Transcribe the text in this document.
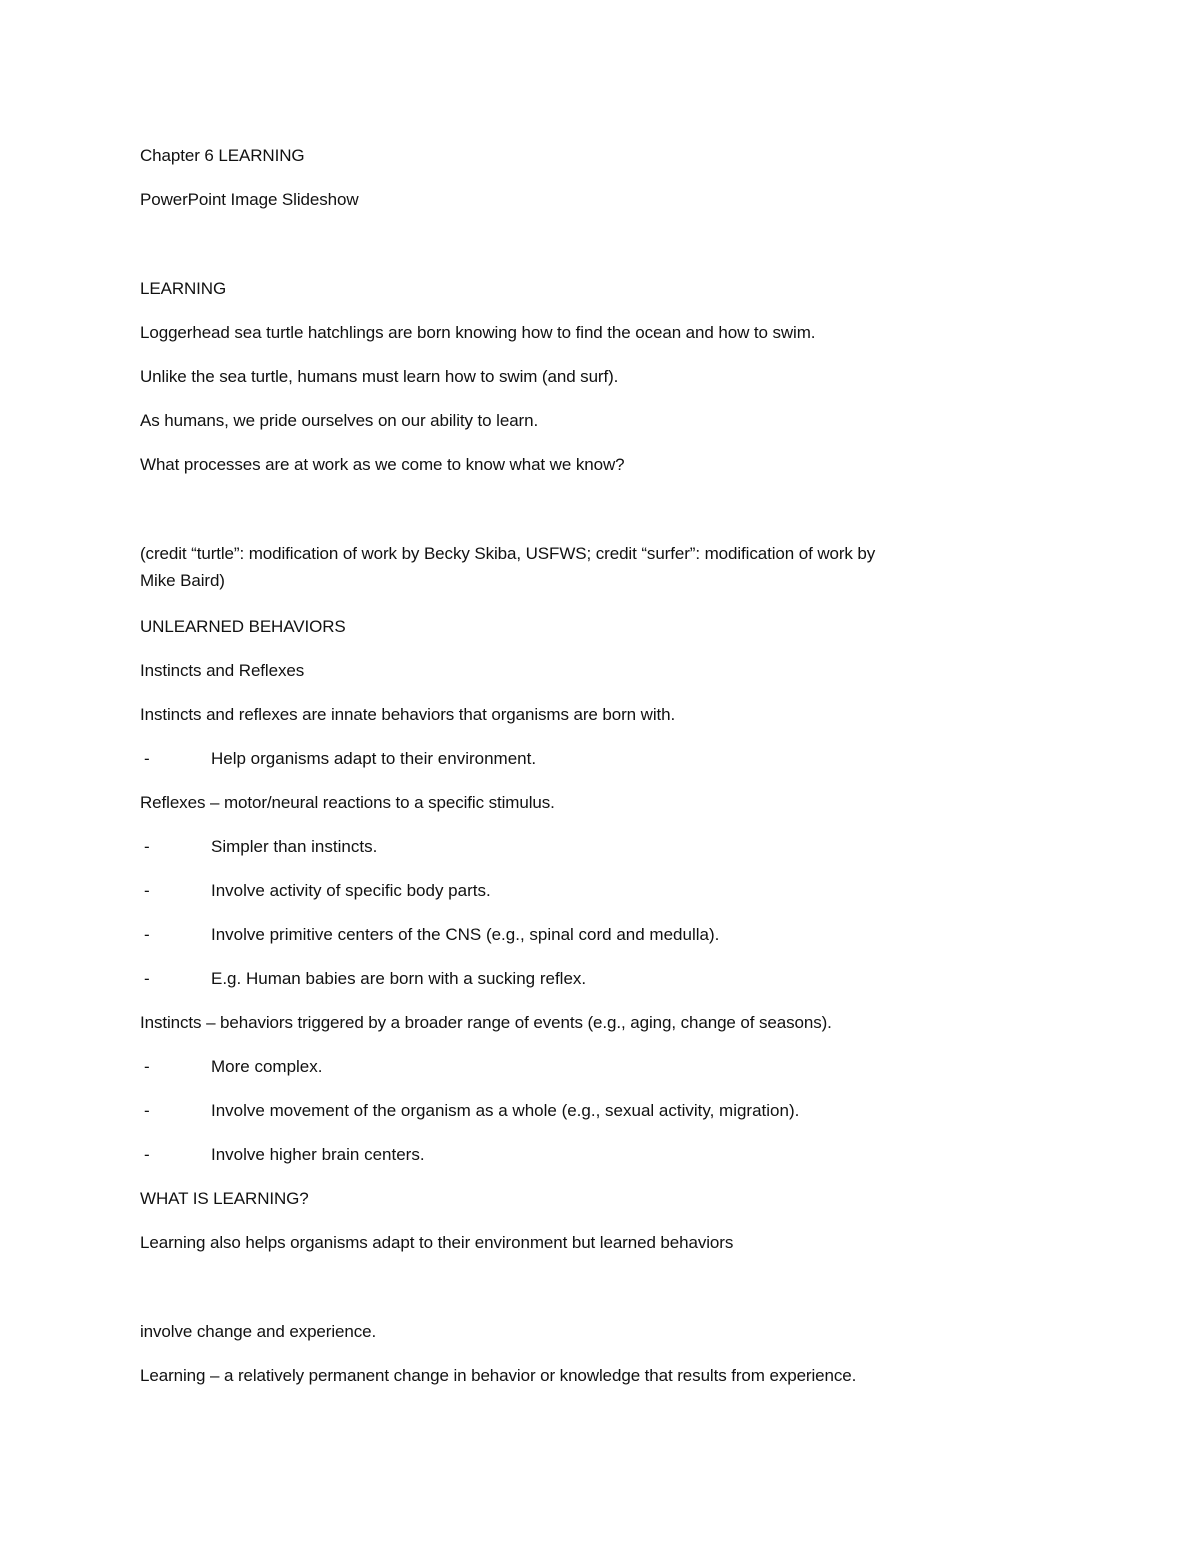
Chapter 6 LEARNING
PowerPoint Image Slideshow
LEARNING
Loggerhead sea turtle hatchlings are born knowing how to find the ocean and how to swim.
Unlike the sea turtle, humans must learn how to swim (and surf).
As humans, we pride ourselves on our ability to learn.
What processes are at work as we come to know what we know?
(credit “turtle”: modification of work by Becky Skiba, USFWS; credit “surfer”: modification of work by
Mike Baird)
UNLEARNED BEHAVIORS
Instincts and Reflexes
Instincts and reflexes are innate behaviors that organisms are born with.
-	Help organisms adapt to their environment.
Reflexes – motor/neural reactions to a specific stimulus.
-	Simpler than instincts.
-	Involve activity of specific body parts.
-	Involve primitive centers of the CNS (e.g., spinal cord and medulla).
-	E.g. Human babies are born with a sucking reflex.
Instincts – behaviors triggered by a broader range of events (e.g., aging, change of seasons).
-	More complex.
-	Involve movement of the organism as a whole (e.g., sexual activity, migration).
-	Involve higher brain centers.
WHAT IS LEARNING?
Learning also helps organisms adapt to their environment but learned behaviors
involve change and experience.
Learning – a relatively permanent change in behavior or knowledge that results from experience.
